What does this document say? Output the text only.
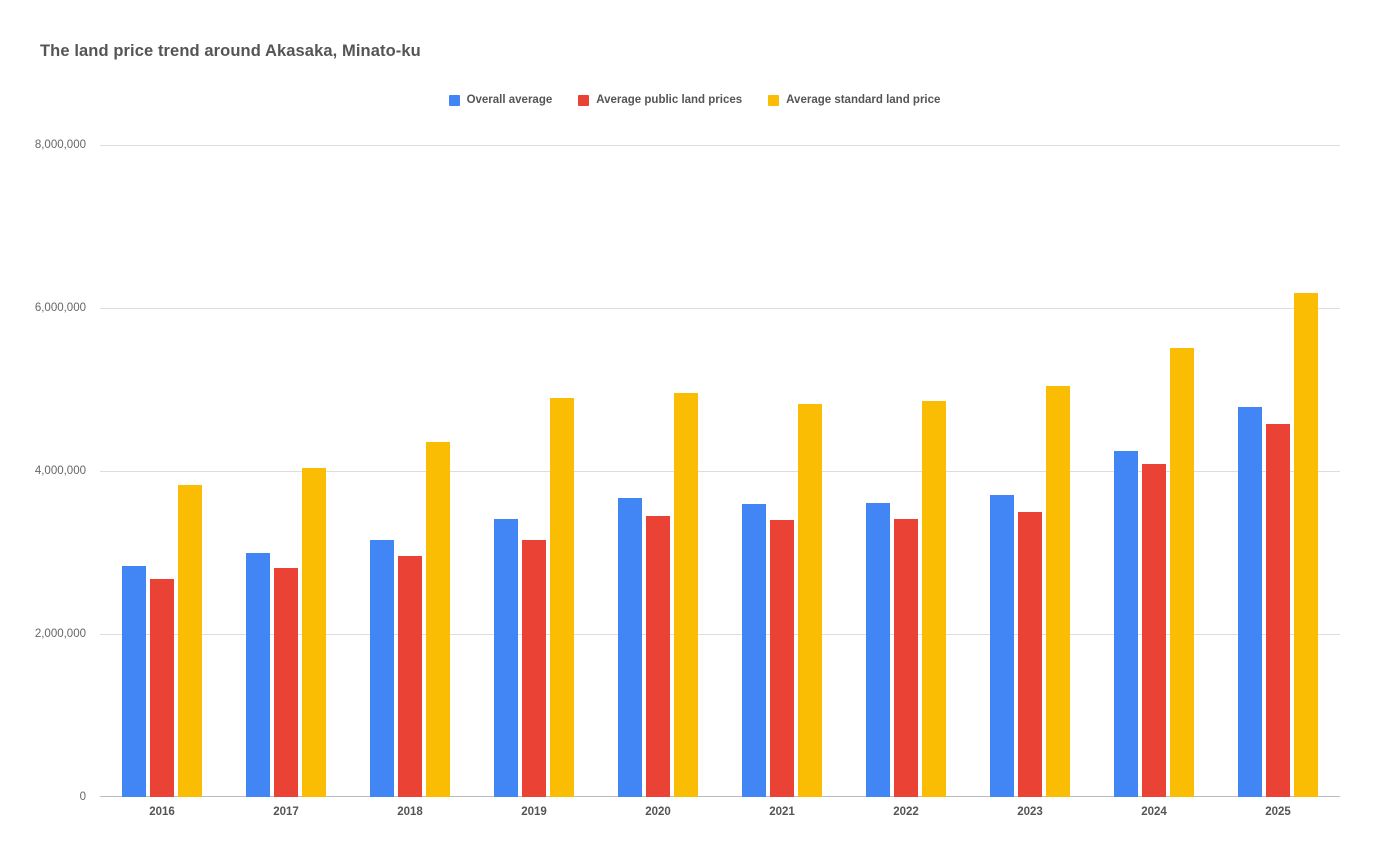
The land price trend around Akasaka, Minato-ku
Overall average	Average public land prices	Average standard land price
0
2,000,000
4,000,000
6,000,000
8,000,000
2016	2017	2018	2019	2020	2021	2022	2023	2024	2025
